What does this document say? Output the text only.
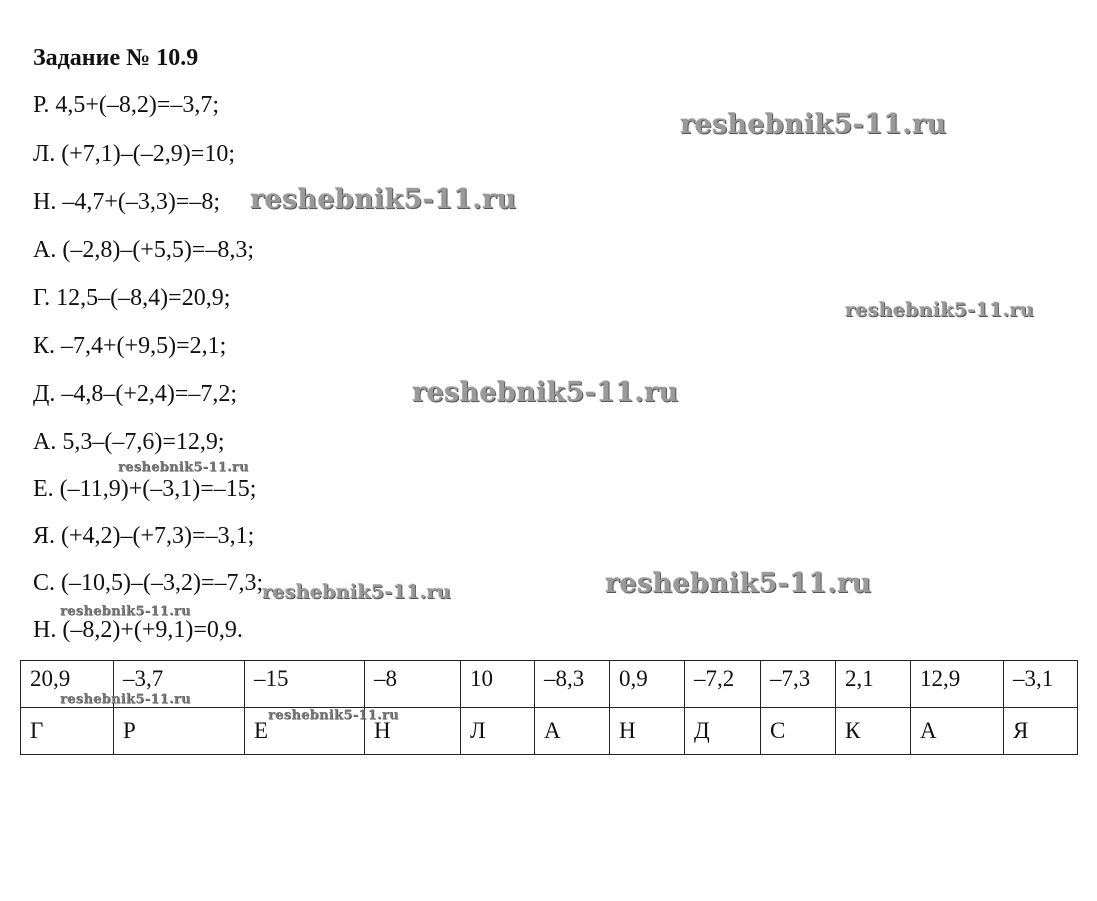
Задание № 10.9
Р. 4,5+(–8,2)=–3,7;
Л. (+7,1)–(–2,9)=10;
Н. –4,7+(–3,3)=–8;
А. (–2,8)–(+5,5)=–8,3;
Г. 12,5–(–8,4)=20,9;
К. –7,4+(+9,5)=2,1;
Д. –4,8–(+2,4)=–7,2;
А. 5,3–(–7,6)=12,9;
Е. (–11,9)+(–3,1)=–15;
Я. (+4,2)–(+7,3)=–3,1;
С. (–10,5)–(–3,2)=–7,3;
Н. (–8,2)+(+9,1)=0,9.
20,9	–3,7	–15	–8	10	–8,3	0,9	–7,2	–7,3	2,1	12,9	–3,1
Г	Р	Е	Н	Л	А	Н	Д	С	К	А	Я
reshebnik5-11.ru
reshebnik5-11.ru
reshebnik5-11.ru
reshebnik5-11.ru
reshebnik5-11.ru
reshebnik5-11.ru
reshebnik5-11.ru
reshebnik5-11.ru
reshebnik5-11.ru
reshebnik5-11.ru
